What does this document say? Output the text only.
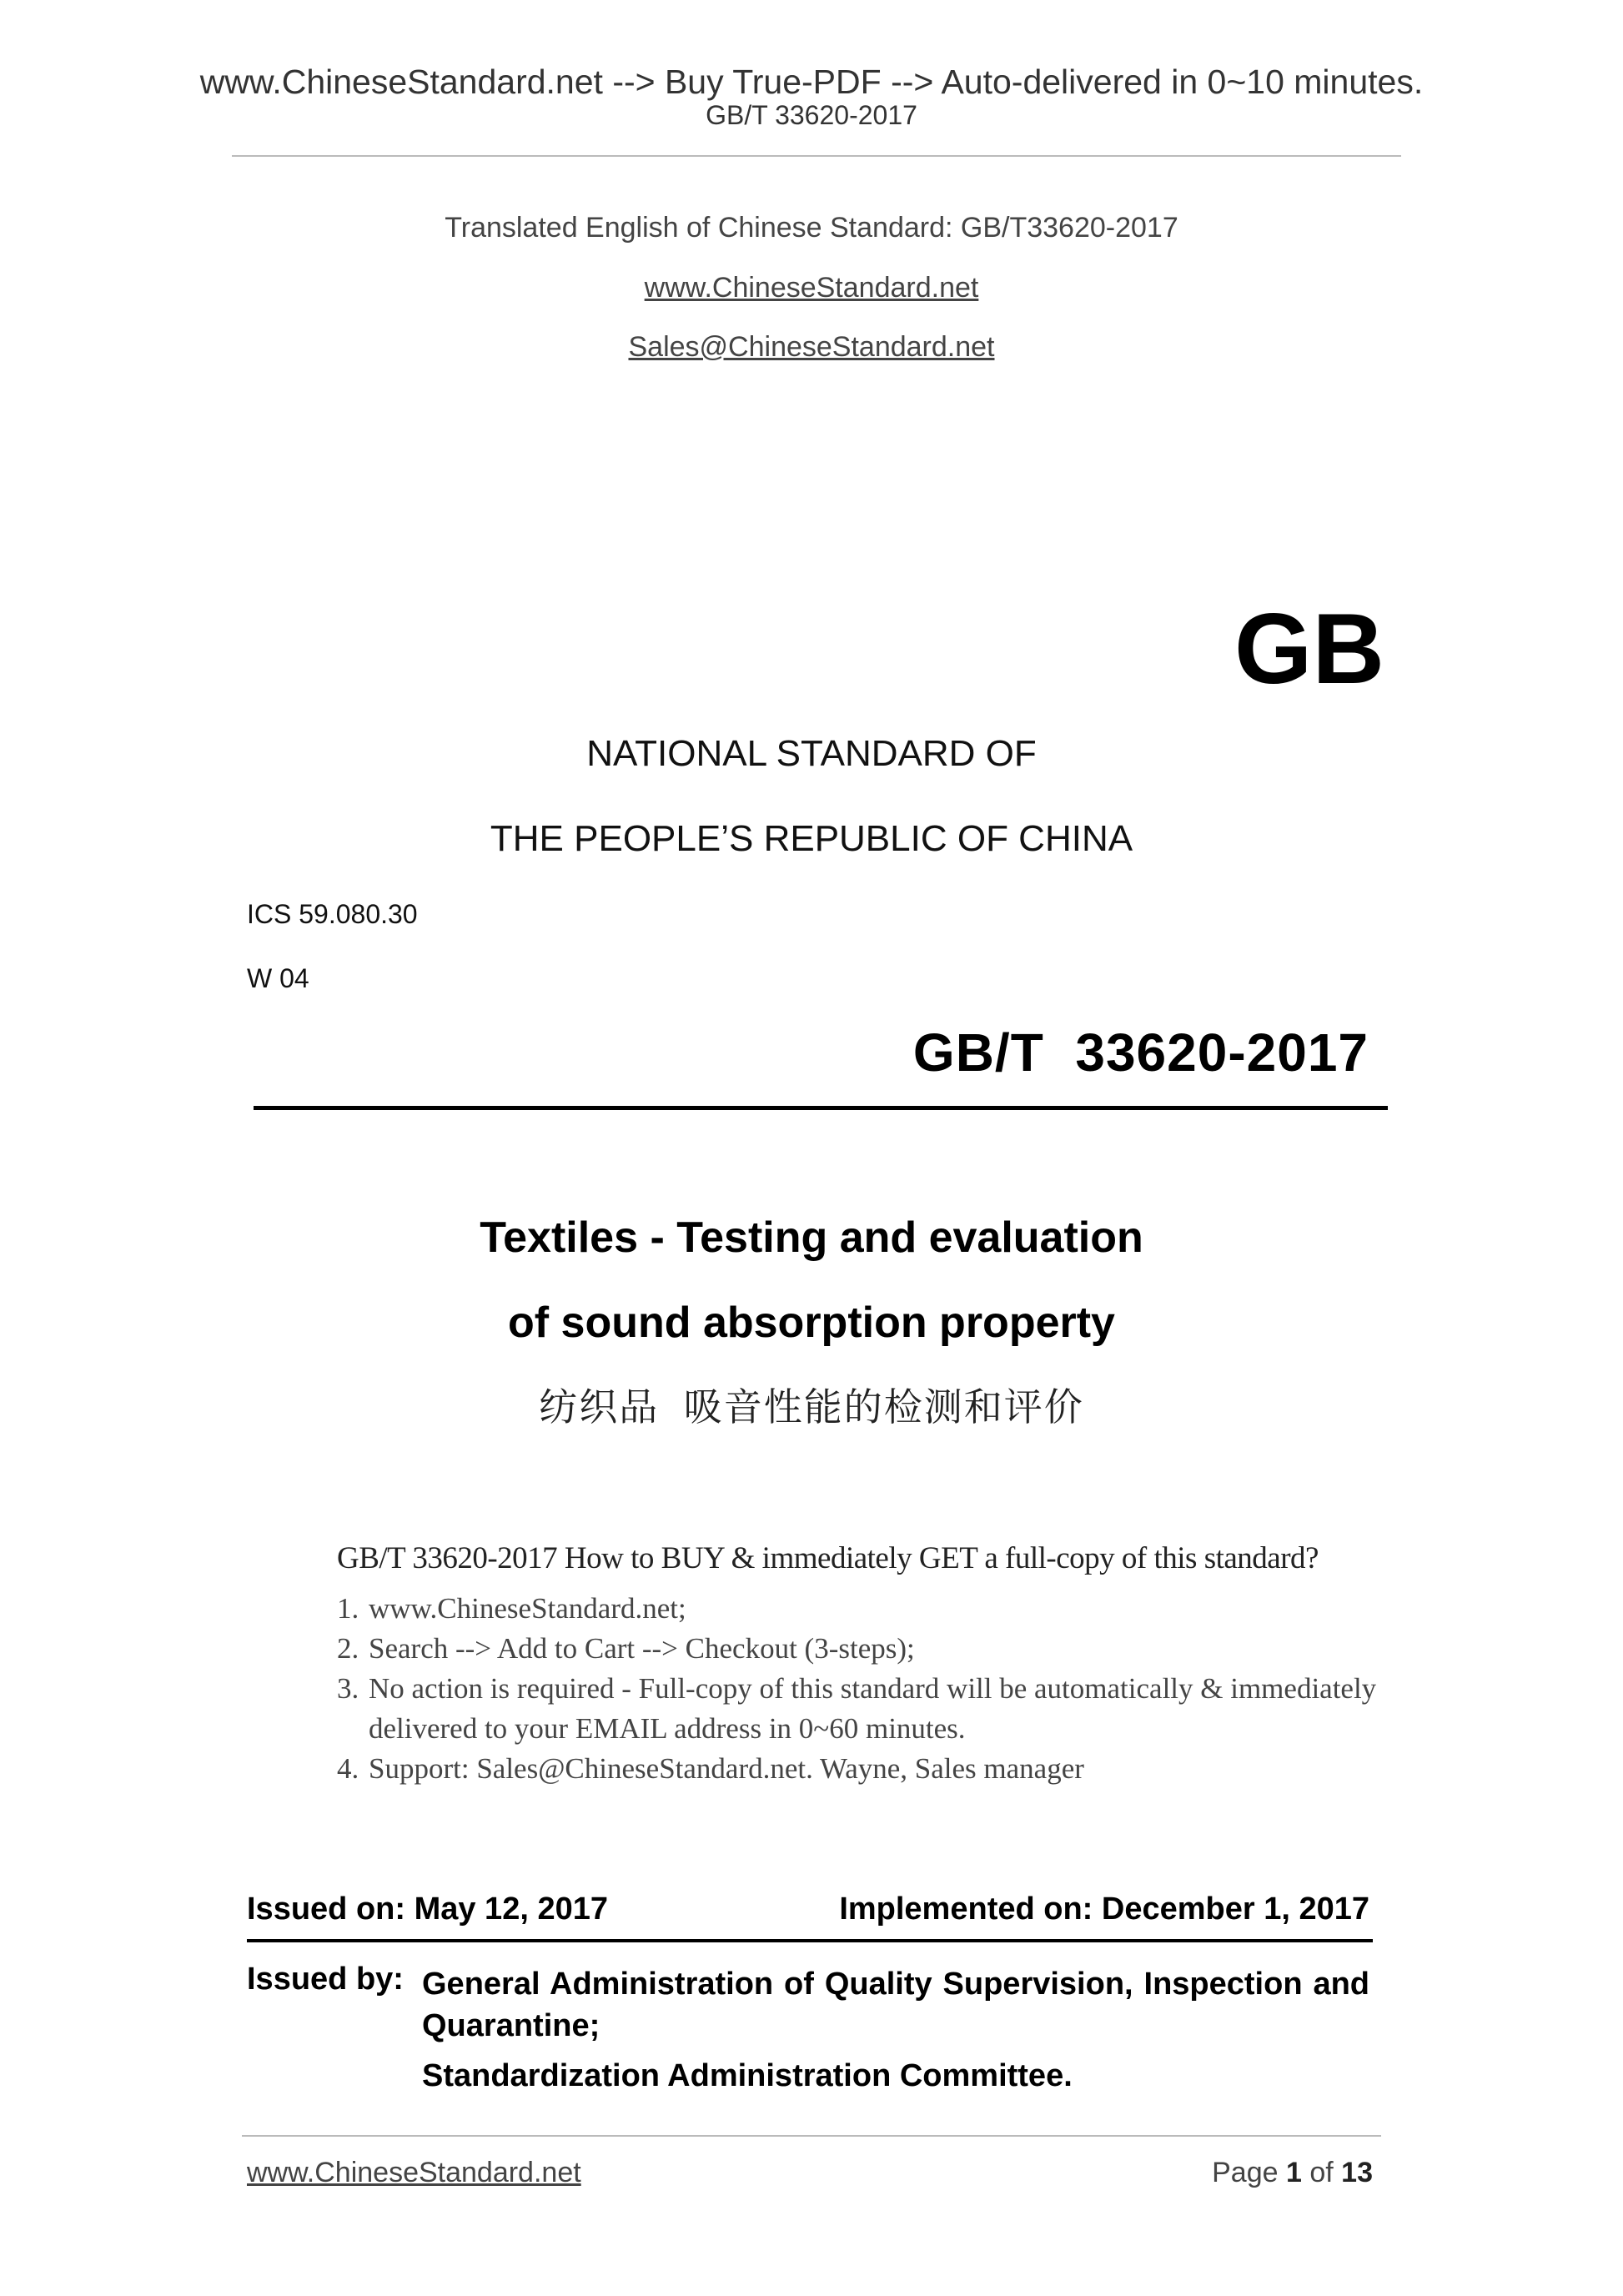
www.ChineseStandard.net --> Buy True-PDF --> Auto-delivered in 0~10 minutes.
GB/T 33620-2017
Translated English of Chinese Standard: GB/T33620-2017
www.ChineseStandard.net
Sales@ChineseStandard.net
GB
NATIONAL STANDARD OF
THE PEOPLE’S REPUBLIC OF CHINA
ICS 59.080.30
W 04
GB/T  33620-2017
Textiles - Testing and evaluation
of sound absorption property
纺织品  吸音性能的检测和评价
GB/T 33620-2017 How to BUY & immediately GET a full-copy of this standard?
1. www.ChineseStandard.net;
2. Search --> Add to Cart --> Checkout (3-steps);
3. No action is required - Full-copy of this standard will be automatically & immediately delivered to your EMAIL address in 0~60 minutes.
4. Support: Sales@ChineseStandard.net. Wayne, Sales manager
Issued on: May 12, 2017	Implemented on: December 1, 2017
Issued by: General Administration of Quality Supervision, Inspection and Quarantine;
Standardization Administration Committee.
www.ChineseStandard.net	Page 1 of 13
